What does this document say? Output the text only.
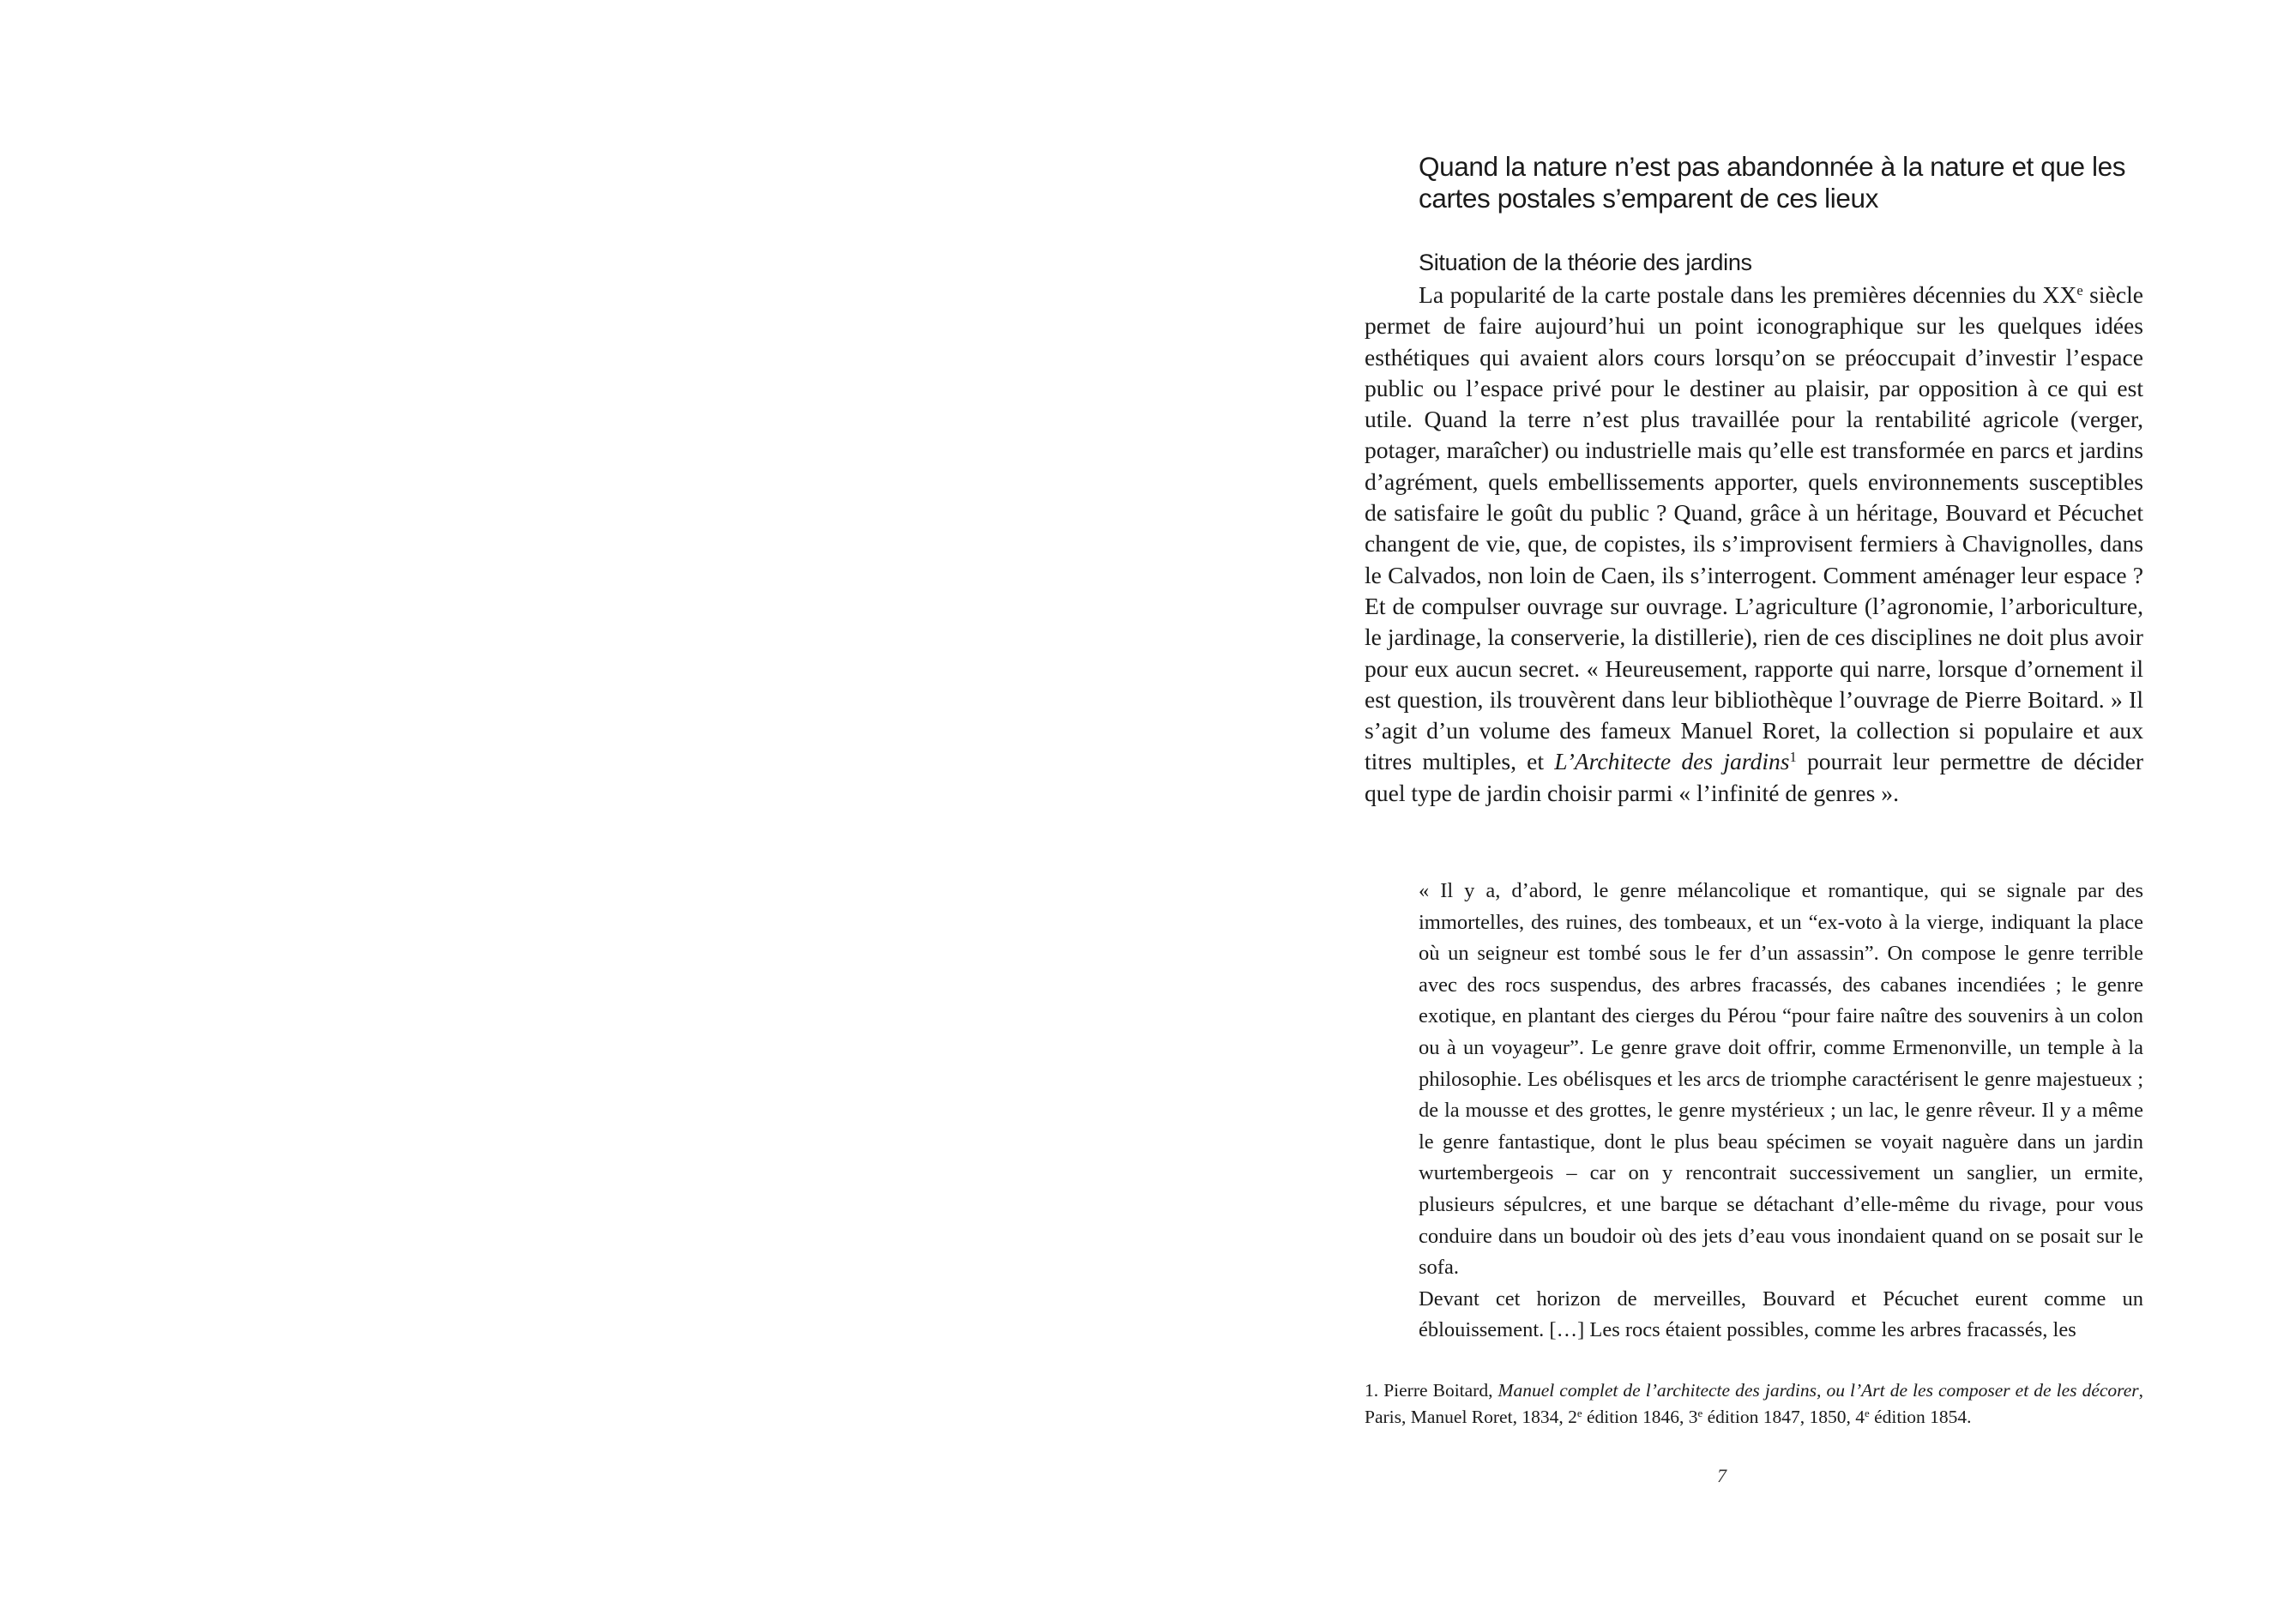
Quand la nature n’est pas abandonnée à la nature et que les cartes postales s’emparent de ces lieux
Situation de la théorie des jardins

La popularité de la carte postale dans les premières décennies du XXe siècle permet de faire aujourd’hui un point iconographique sur les quelques idées esthétiques qui avaient alors cours lorsqu’on se préoccupait d’investir l’espace public ou l’espace privé pour le destiner au plaisir, par opposition à ce qui est utile. Quand la terre n’est plus travaillée pour la rentabilité agricole (verger, potager, maraîcher) ou industrielle mais qu’elle est transformée en parcs et jardins d’agrément, quels embellissements apporter, quels environnements susceptibles de satisfaire le goût du public ? Quand, grâce à un héritage, Bouvard et Pécuchet changent de vie, que, de copistes, ils s’improvisent fermiers à Chavignolles, dans le Calvados, non loin de Caen, ils s’interrogent. Comment aménager leur espace ? Et de compulser ouvrage sur ouvrage. L’agriculture (l’agronomie, l’arboriculture, le jardinage, la conserverie, la distillerie), rien de ces disciplines ne doit plus avoir pour eux aucun secret. « Heureusement, rapporte qui narre, lorsque d’ornement il est question, ils trouvèrent dans leur bibliothèque l’ouvrage de Pierre Boitard. » Il s’agit d’un volume des fameux Manuel Roret, la collection si populaire et aux titres multiples, et L’Architecte des jardins$^1$ pourrait leur permettre de décider quel type de jardin choisir parmi « l’infinité de genres ».

« Il y a, d’abord, le genre mélancolique et romantique, qui se signale par des immortelles, des ruines, des tombeaux, et un “ex-voto à la vierge, indiquant la place où un seigneur est tombé sous le fer d’un assassin”. On compose le genre terrible avec des rocs suspendus, des arbres fracassés, des cabanes incendiées ; le genre exotique, en plantant des cierges du Pérou “pour faire naître des souvenirs à un colon ou à un voyageur”. Le genre grave doit offrir, comme Ermenonville, un temple à la philosophie. Les obélisques et les arcs de triomphe caractérisent le genre majestueux ; de la mousse et des grottes, le genre mystérieux ; un lac, le genre rêveur. Il y a même le genre fantastique, dont le plus beau spécimen se voyait naguère dans un jardin wurtembergeois – car on y rencontrait successivement un sanglier, un ermite, plusieurs sépulcres, et une barque se détachant d’elle-même du rivage, pour vous conduire dans un boudoir où des jets d’eau vous inondaient quand on se posait sur le sofa.

Devant cet horizon de merveilles, Bouvard et Pécuchet eurent comme un éblouissement. […] Les rocs étaient possibles, comme les arbres fracassés, les

1. Pierre Boitard, Manuel complet de l’architecte des jardins, ou l’Art de les composer et de les décorer, Paris, Manuel Roret, 1834, 2e édition 1846, 3e édition 1847, 1850, 4e édition 1854.

7
